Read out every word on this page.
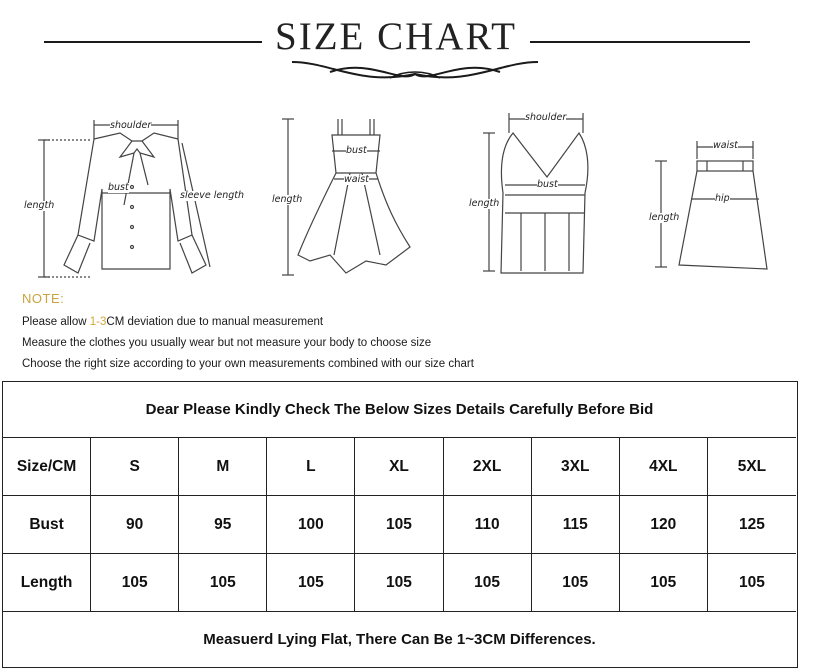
SIZE CHART
shoulder
bust
length
sleeve length
bust
waist
length
shoulder
bust
length
waist
hip
length
NOTE:
Please allow 1-3CM deviation due to manual measurement
Measure the clothes you usually wear but not measure your body to choose size
Choose the right size according to your own measurements combined with our size chart
Dear Please Kindly Check The Below Sizes Details Carefully Before Bid
Size/CM	S	M	L	XL	2XL	3XL	4XL	5XL
Bust	90	95	100	105	110	115	120	125
Length	105	105	105	105	105	105	105	105
Measuerd Lying Flat, There Can Be 1~3CM Differences.
